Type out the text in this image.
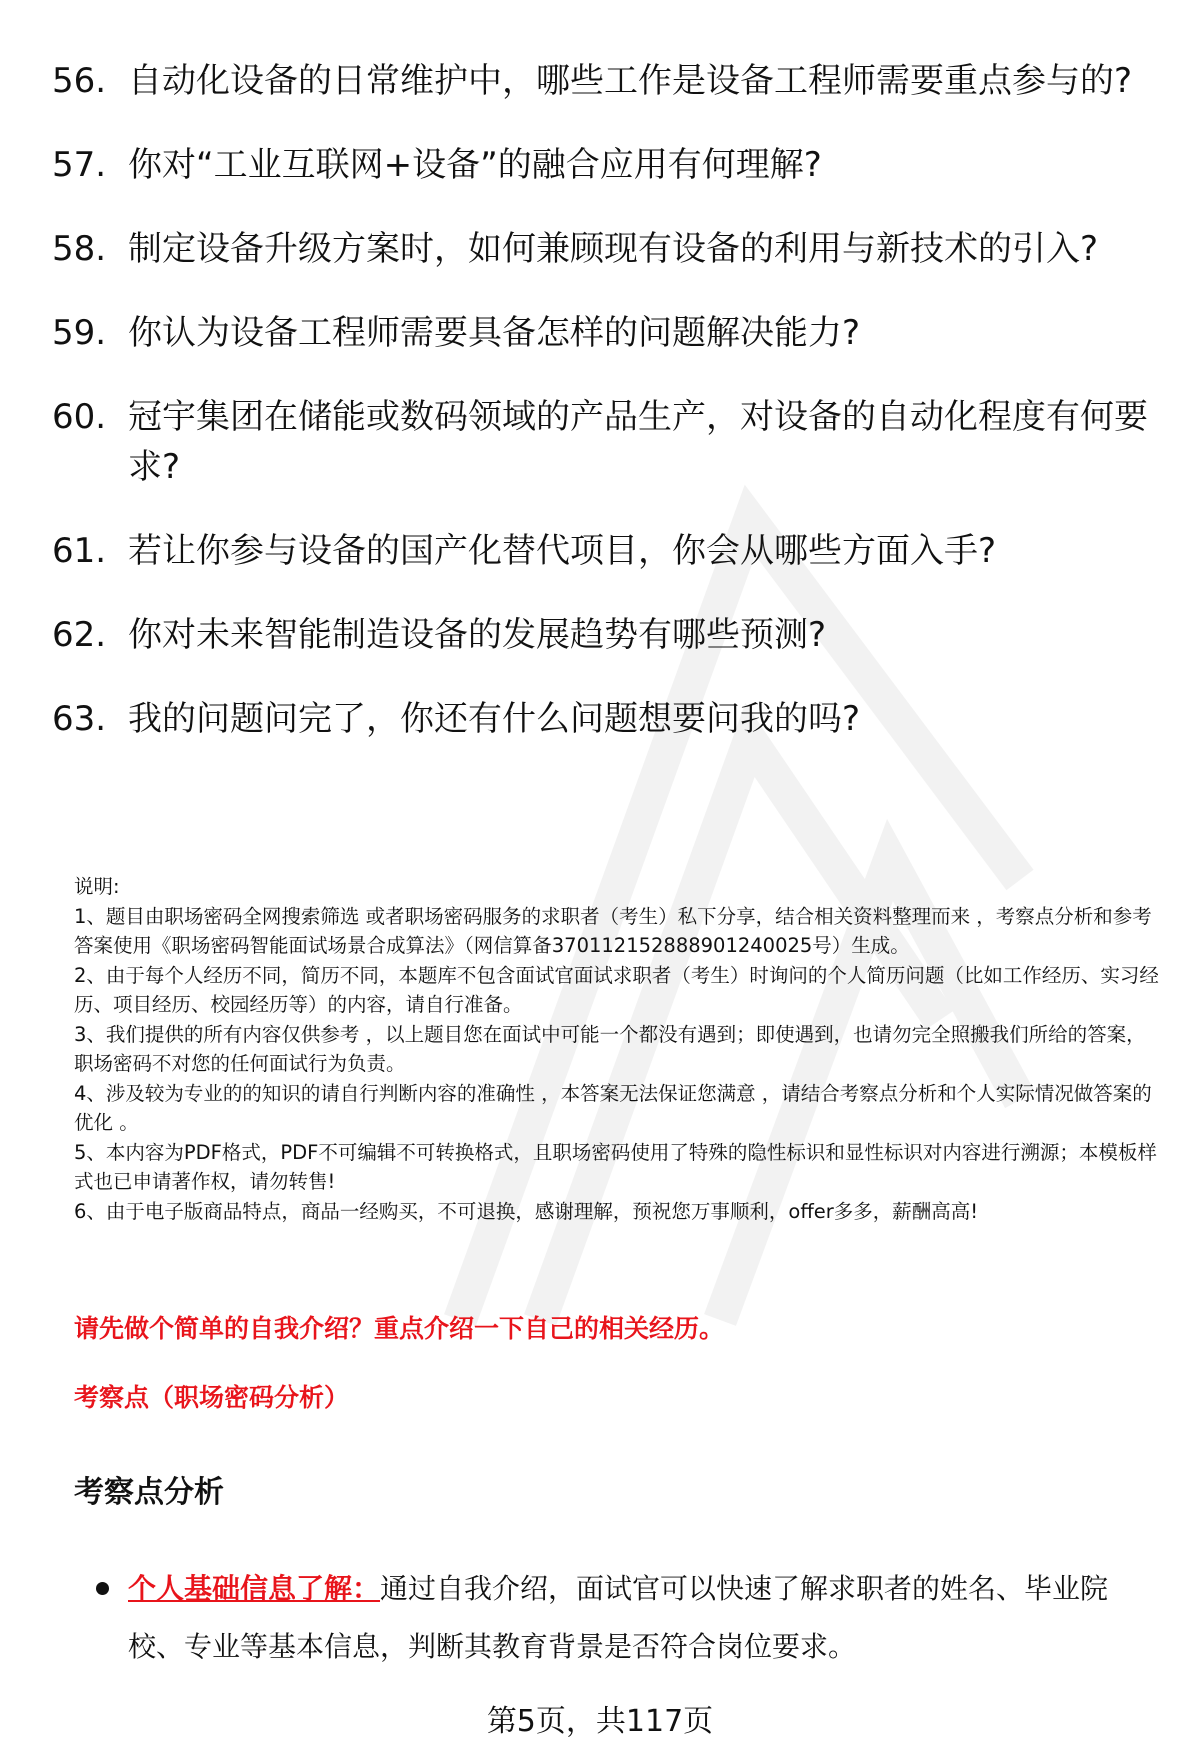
56. 自动化设备的日常维护中，哪些工作是设备工程师需要重点参与的?
57. 你对“工业互联网+设备”的融合应用有何理解?
58. 制定设备升级方案时，如何兼顾现有设备的利用与新技术的引入?
59. 你认为设备工程师需要具备怎样的问题解决能力?
60. 冠宇集团在储能或数码领域的产品生产，对设备的自动化程度有何要求?
61. 若让你参与设备的国产化替代项目，你会从哪些方面入手?
62. 你对未来智能制造设备的发展趋势有哪些预测?
63. 我的问题问完了，你还有什么问题想要问我的吗?

说明:

1、题目由职场密码全网搜索筛选 或者职场密码服务的求职者（考生）私下分享，结合相关资料整理而来 ，考察点分析和参考答案使用《职场密码智能面试场景合成算法》（网信算备370112152888901240025号）生成。

2、由于每个人经历不同，简历不同，本题库不包含面试官面试求职者（考生）时询问的个人简历问题（比如工作经历、实习经历、项目经历、校园经历等）的内容，请自行准备。

3、我们提供的所有内容仅供参考 ，以上题目您在面试中可能一个都没有遇到；即使遇到，也请勿完全照搬我们所给的答案，职场密码不对您的任何面试行为负责。

4、涉及较为专业的的知识的请自行判断内容的准确性 ，本答案无法保证您满意 ，请结合考察点分析和个人实际情况做答案的优化 。

5、本内容为PDF格式，PDF不可编辑不可转换格式，且职场密码使用了特殊的隐性标识和显性标识对内容进行溯源；本模板样式也已申请著作权，请勿转售!

6、由于电子版商品特点，商品一经购买，不可退换，感谢理解，预祝您万事顺利，offer多多，薪酬高高!

请先做个简单的自我介绍？重点介绍一下自己的相关经历。
考察点（职场密码分析）
考察点分析
个人基础信息了解：通过自我介绍，面试官可以快速了解求职者的姓名、毕业院校、专业等基本信息，判断其教育背景是否符合岗位要求。
第5页，共117页
